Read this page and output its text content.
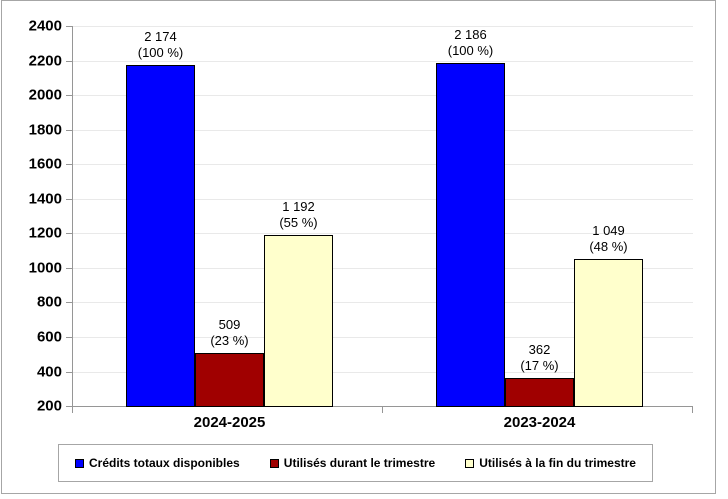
200
400
600
800
1000
1200
1400
1600
1800
2000
2200
2400
2 174
(100 %)
509
(23 %)
1 192
(55 %)
2024-2025
2 186
(100 %)
362
(17 %)
1 049
(48 %)
2023-2024
Crédits totaux disponibles	Utilisés durant le trimestre	Utilisés à la fin du trimestre
